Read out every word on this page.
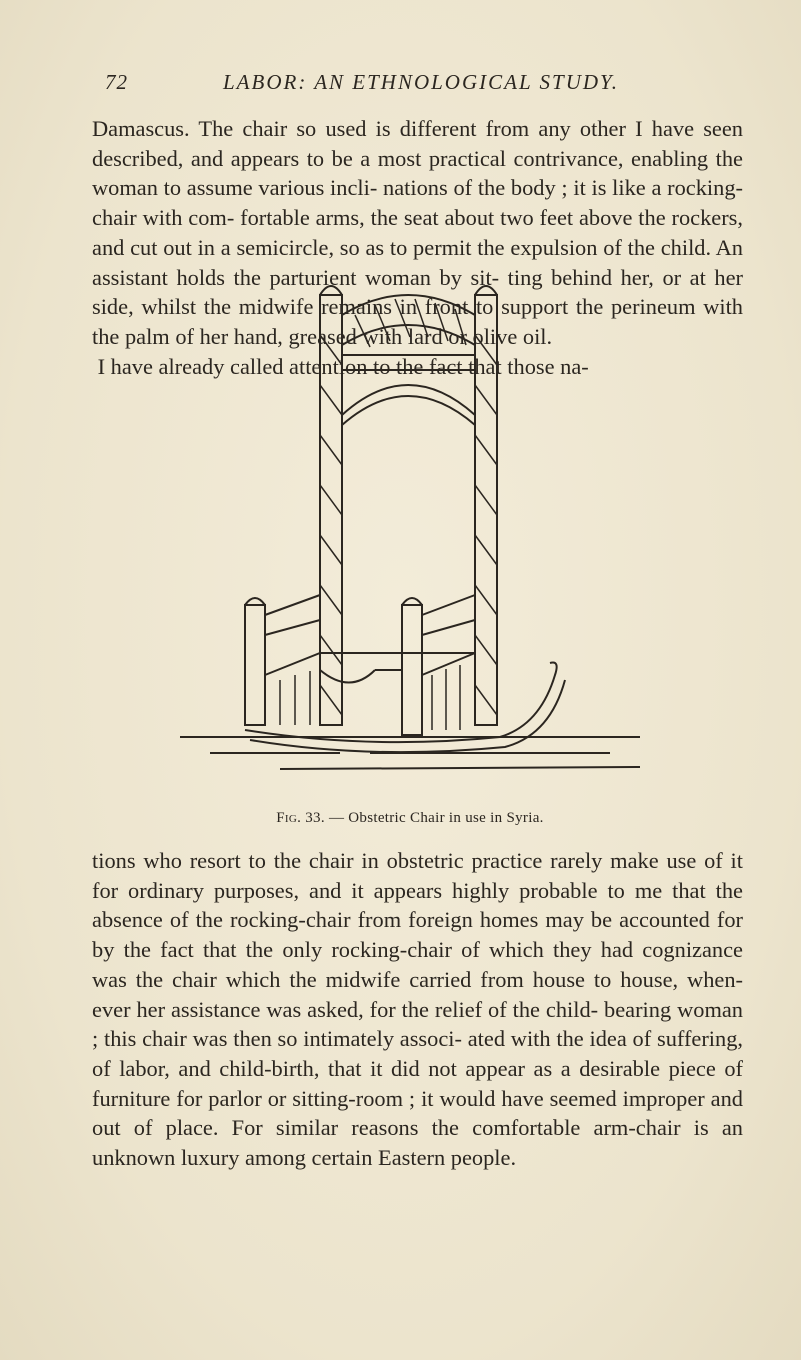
72	LABOR: AN ETHNOLOGICAL STUDY.
Damascus. The chair so used is different from any other I have seen described, and appears to be a most practical contrivance, enabling the woman to assume various incli- nations of the body ; it is like a rocking-chair with com- fortable arms, the seat about two feet above the rockers, and cut out in a semicircle, so as to permit the expulsion of the child. An assistant holds the parturient woman by sit- ting behind her, or at her side, whilst the midwife remains in front to support the perineum with the palm of her hand, greased with lard or olive oil.
I have already called attention to the fact that those na-
Fig. 33. — Obstetric Chair in use in Syria.

tions who resort to the chair in obstetric practice rarely make use of it for ordinary purposes, and it appears highly probable to me that the absence of the rocking-chair from foreign homes may be accounted for by the fact that the only rocking-chair of which they had cognizance was the chair which the midwife carried from house to house, when- ever her assistance was asked, for the relief of the child- bearing woman ; this chair was then so intimately associ- ated with the idea of suffering, of labor, and child-birth, that it did not appear as a desirable piece of furniture for parlor or sitting-room ; it would have seemed improper and out of place. For similar reasons the comfortable arm-chair is an unknown luxury among certain Eastern people.
